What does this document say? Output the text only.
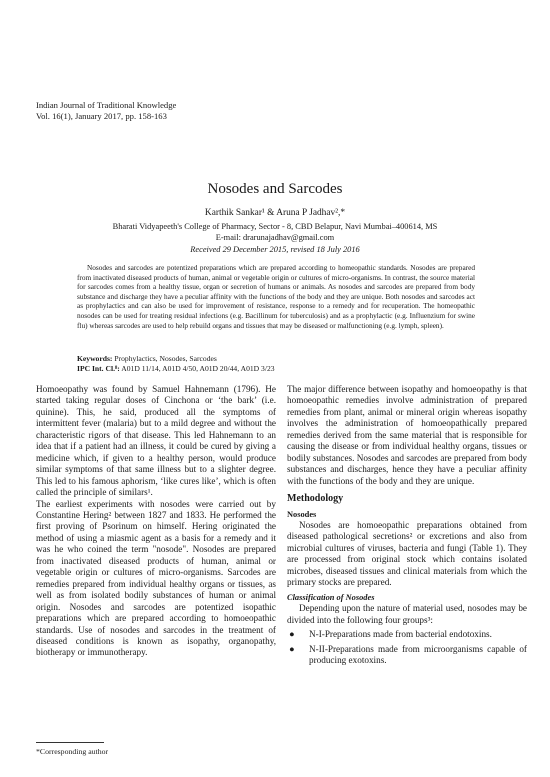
Indian Journal of Traditional Knowledge
Vol. 16(1), January 2017, pp. 158-163
Nosodes and Sarcodes
Karthik Sankar¹ & Aruna P Jadhav²,*
Bharati Vidyapeeth's College of Pharmacy, Sector - 8, CBD Belapur, Navi Mumbai–400614, MS
E-mail: drarunajadhav@gmail.com
Received 29 December 2015, revised 18 July 2016
Nosodes and sarcodes are potentized preparations which are prepared according to homeopathic standards. Nosodes are prepared from inactivated diseased products of human, animal or vegetable origin or cultures of micro-organisms. In contrast, the source material for sarcodes comes from a healthy tissue, organ or secretion of humans or animals. As nosodes and sarcodes are prepared from body substance and discharge they have a peculiar affinity with the functions of the body and they are unique. Both nosodes and sarcodes act as prophylactics and can also be used for improvement of resistance, response to a remedy and for recuperation. The homeopathic nosodes can be used for treating residual infections (e.g. Bacillinum for tuberculosis) and as a prophylactic (e.g. Influenzium for swine flu) whereas sarcodes are used to help rebuild organs and tissues that may be diseased or malfunctioning (e.g. lymph, spleen).
Keywords: Prophylactics, Nosodes, Sarcodes
IPC Int. Cl.⁸: A01D 11/14, A01D 4/50, A01D 20/44, A01D 3/23

Homoeopathy was found by Samuel Hahnemann (1796). He started taking regular doses of Cinchona or ‘the bark’ (i.e. quinine). This, he said, produced all the symptoms of intermittent fever (malaria) but to a mild degree and without the characteristic rigors of that disease. This led Hahnemann to an idea that if a patient had an illness, it could be cured by giving a medicine which, if given to a healthy person, would produce similar symptoms of that same illness but to a slighter degree. This led to his famous aphorism, ‘like cures like’, which is often called the principle of similars¹.

The earliest experiments with nosodes were carried out by Constantine Hering² between 1827 and 1833. He performed the first proving of Psorinum on himself. Hering originated the method of using a miasmic agent as a basis for a remedy and it was he who coined the term "nosode". Nosodes are prepared from inactivated diseased products of human, animal or vegetable origin or cultures of micro-organisms. Sarcodes are remedies prepared from individual healthy organs or tissues, as well as from isolated bodily substances of human or animal origin. Nosodes and sarcodes are potentized isopathic preparations which are prepared according to homoeopathic standards. Use of nosodes and sarcodes in the treatment of diseased conditions is known as isopathy, organopathy, biotherapy or immunotherapy.

The major difference between isopathy and homoeopathy is that homoeopathic remedies involve administration of prepared remedies from plant, animal or mineral origin whereas isopathy involves the administration of homoeopathically prepared remedies derived from the same material that is responsible for causing the disease or from individual healthy organs, tissues or bodily substances. Nosodes and sarcodes are prepared from body substances and discharges, hence they have a peculiar affinity with the functions of the body and they are unique.

Methodology

Nosodes

Nosodes are homoeopathic preparations obtained from diseased pathological secretions² or excretions and also from microbial cultures of viruses, bacteria and fungi (Table 1). They are processed from original stock which contains isolated microbes, diseased tissues and clinical materials from which the primary stocks are prepared.

Classification of Nosodes

Depending upon the nature of material used, nosodes may be divided into the following four groups³:

● N-I-Preparations made from bacterial endotoxins.

● N-II-Preparations made from microorganisms capable of producing exotoxins.

*Corresponding author
